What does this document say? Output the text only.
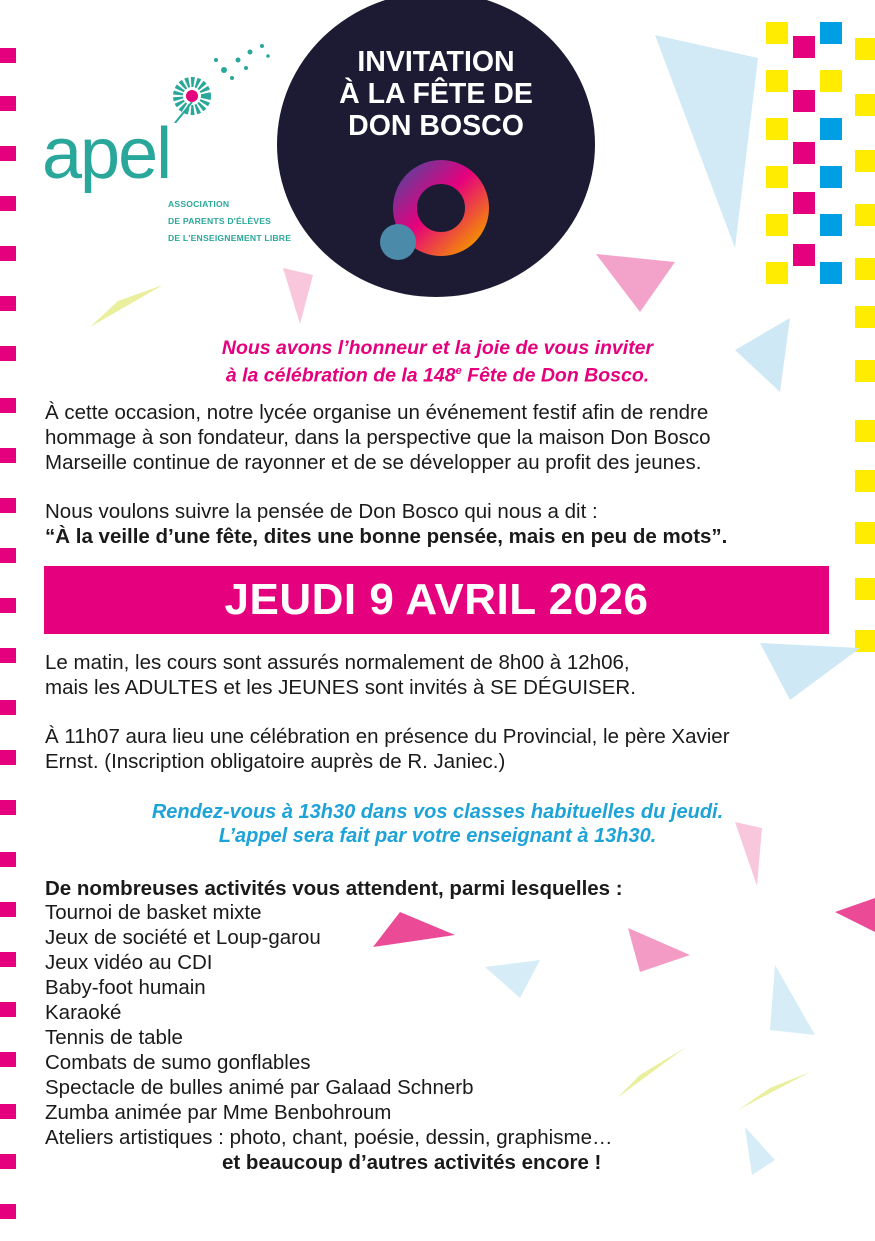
apel
ASSOCIATION
DE PARENTS D'ÉLÈVES
DE L'ENSEIGNEMENT LIBRE
INVITATION
À LA FÊTE DE
DON BOSCO
Nous avons l’honneur et la joie de vous inviter
à la célébration de la 148e Fête de Don Bosco.
À cette occasion, notre lycée organise un événement festif afin de rendre
hommage à son fondateur, dans la perspective que la maison Don Bosco
Marseille continue de rayonner et de se développer au profit des jeunes.
Nous voulons suivre la pensée de Don Bosco qui nous a dit :
“À la veille d’une fête, dites une bonne pensée, mais en peu de mots”.
JEUDI 9 AVRIL 2026
Le matin, les cours sont assurés normalement de 8h00 à 12h06,
mais les ADULTES et les JEUNES sont invités à SE DÉGUISER.
À 11h07 aura lieu une célébration en présence du Provincial, le père Xavier
Ernst. (Inscription obligatoire auprès de R. Janiec.)
Rendez-vous à 13h30 dans vos classes habituelles du jeudi.
L’appel sera fait par votre enseignant à 13h30.
De nombreuses activités vous attendent, parmi lesquelles :
Tournoi de basket mixte
Jeux de société et Loup-garou
Jeux vidéo au CDI
Baby-foot humain
Karaoké
Tennis de table
Combats de sumo gonflables
Spectacle de bulles animé par Galaad Schnerb
Zumba animée par Mme Benbohroum
Ateliers artistiques : photo, chant, poésie, dessin, graphisme…
et beaucoup d’autres activités encore !
